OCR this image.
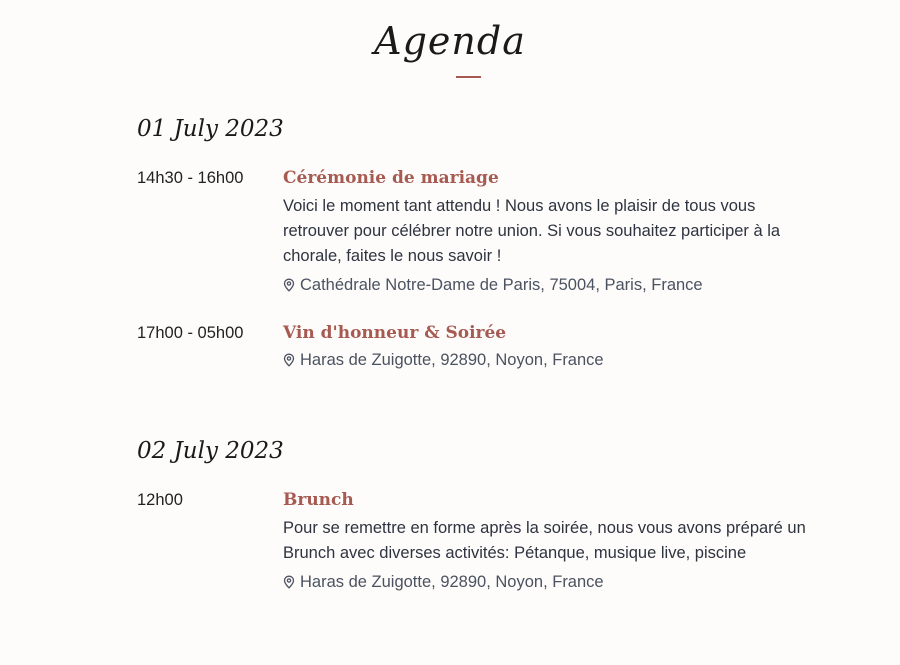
Agenda
01 July 2023
14h30 - 16h00	Cérémonie de mariage
Voici le moment tant attendu ! Nous avons le plaisir de tous vous retrouver pour célébrer notre union. Si vous souhaitez participer à la chorale, faites le nous savoir !
Cathédrale Notre-Dame de Paris, 75004, Paris, France
17h00 - 05h00	Vin d'honneur & Soirée
Haras de Zuigotte, 92890, Noyon, France
02 July 2023
12h00	Brunch
Pour se remettre en forme après la soirée, nous vous avons préparé un Brunch avec diverses activités: Pétanque, musique live, piscine
Haras de Zuigotte, 92890, Noyon, France
